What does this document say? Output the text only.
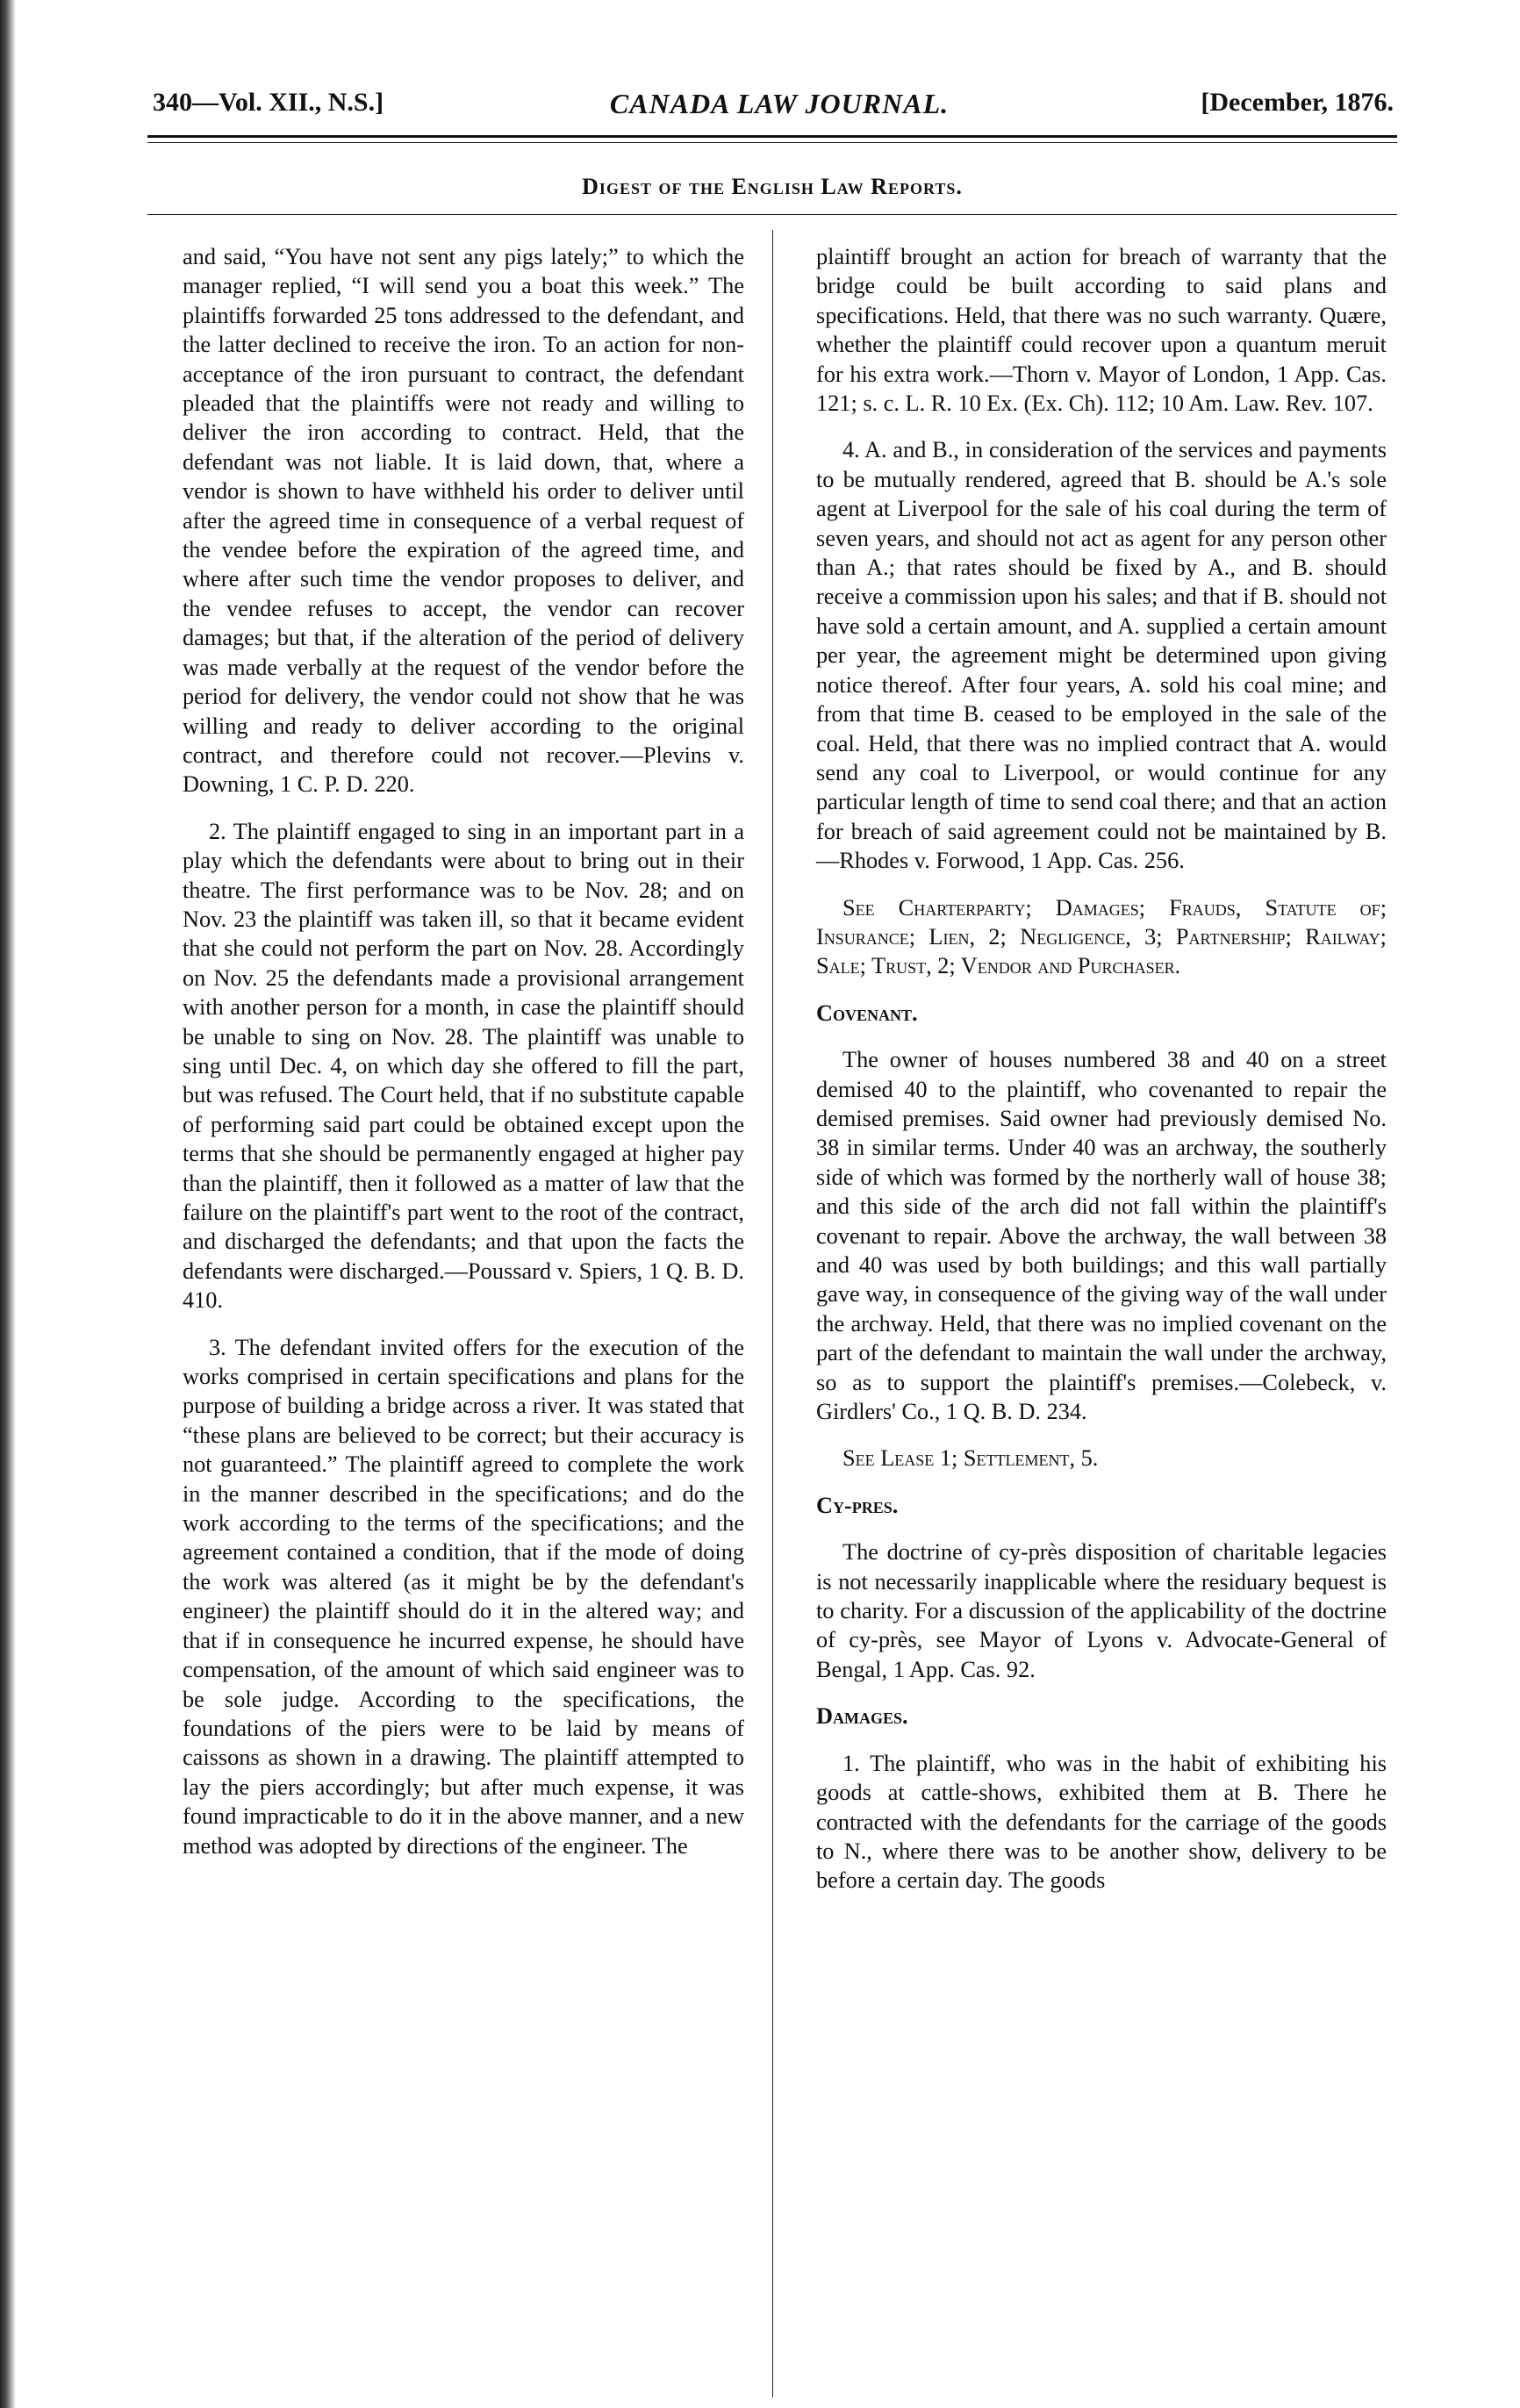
340—Vol. XII., N.S.]	CANADA LAW JOURNAL.	[December, 1876.
Digest of the English Law Reports.

and said, “You have not sent any pigs lately;” to which the manager replied, “I will send you a boat this week.” The plaintiffs forwarded 25 tons addressed to the defendant, and the latter declined to receive the iron. To an action for non-acceptance of the iron pursuant to contract, the defendant pleaded that the plaintiffs were not ready and willing to deliver the iron according to contract. Held, that the defendant was not liable. It is laid down, that, where a vendor is shown to have withheld his order to deliver until after the agreed time in consequence of a verbal request of the vendee before the expiration of the agreed time, and where after such time the vendor proposes to deliver, and the vendee refuses to accept, the vendor can recover damages; but that, if the alteration of the period of delivery was made verbally at the request of the vendor before the period for delivery, the vendor could not show that he was willing and ready to deliver according to the original contract, and therefore could not recover.—Plevins v. Downing, 1 C. P. D. 220.

2. The plaintiff engaged to sing in an important part in a play which the defendants were about to bring out in their theatre. The first performance was to be Nov. 28; and on Nov. 23 the plaintiff was taken ill, so that it became evident that she could not perform the part on Nov. 28. Accordingly on Nov. 25 the defendants made a provisional arrangement with another person for a month, in case the plaintiff should be unable to sing on Nov. 28. The plaintiff was unable to sing until Dec. 4, on which day she offered to fill the part, but was refused. The Court held, that if no substitute capable of performing said part could be obtained except upon the terms that she should be permanently engaged at higher pay than the plaintiff, then it followed as a matter of law that the failure on the plaintiff's part went to the root of the contract, and discharged the defendants; and that upon the facts the defendants were discharged.—Poussard v. Spiers, 1 Q. B. D. 410.

3. The defendant invited offers for the execution of the works comprised in certain specifications and plans for the purpose of building a bridge across a river. It was stated that “these plans are believed to be correct; but their accuracy is not guaranteed.” The plaintiff agreed to complete the work in the manner described in the specifications; and do the work according to the terms of the specifications; and the agreement contained a condition, that if the mode of doing the work was altered (as it might be by the defendant's engineer) the plaintiff should do it in the altered way; and that if in consequence he incurred expense, he should have compensation, of the amount of which said engineer was to be sole judge. According to the specifications, the foundations of the piers were to be laid by means of caissons as shown in a drawing. The plaintiff attempted to lay the piers accordingly; but after much expense, it was found impracticable to do it in the above manner, and a new method was adopted by directions of the engineer. The

plaintiff brought an action for breach of warranty that the bridge could be built according to said plans and specifications. Held, that there was no such warranty. Quære, whether the plaintiff could recover upon a quantum meruit for his extra work.—Thorn v. Mayor of London, 1 App. Cas. 121; s. c. L. R. 10 Ex. (Ex. Ch). 112; 10 Am. Law. Rev. 107.

4. A. and B., in consideration of the services and payments to be mutually rendered, agreed that B. should be A.'s sole agent at Liverpool for the sale of his coal during the term of seven years, and should not act as agent for any person other than A.; that rates should be fixed by A., and B. should receive a commission upon his sales; and that if B. should not have sold a certain amount, and A. supplied a certain amount per year, the agreement might be determined upon giving notice thereof. After four years, A. sold his coal mine; and from that time B. ceased to be employed in the sale of the coal. Held, that there was no implied contract that A. would send any coal to Liverpool, or would continue for any particular length of time to send coal there; and that an action for breach of said agreement could not be maintained by B.—Rhodes v. Forwood, 1 App. Cas. 256.

See Charterparty; Damages; Frauds, Statute of; Insurance; Lien, 2; Negligence, 3; Partnership; Railway; Sale; Trust, 2; Vendor and Purchaser.

Covenant.

The owner of houses numbered 38 and 40 on a street demised 40 to the plaintiff, who covenanted to repair the demised premises. Said owner had previously demised No. 38 in similar terms. Under 40 was an archway, the southerly side of which was formed by the northerly wall of house 38; and this side of the arch did not fall within the plaintiff's covenant to repair. Above the archway, the wall between 38 and 40 was used by both buildings; and this wall partially gave way, in consequence of the giving way of the wall under the archway. Held, that there was no implied covenant on the part of the defendant to maintain the wall under the archway, so as to support the plaintiff's premises.—Colebeck, v. Girdlers' Co., 1 Q. B. D. 234.

See Lease 1; Settlement, 5.

Cy-pres.

The doctrine of cy-près disposition of charitable legacies is not necessarily inapplicable where the residuary bequest is to charity. For a discussion of the applicability of the doctrine of cy-près, see Mayor of Lyons v. Advocate-General of Bengal, 1 App. Cas. 92.

Damages.

1. The plaintiff, who was in the habit of exhibiting his goods at cattle-shows, exhibited them at B. There he contracted with the defendants for the carriage of the goods to N., where there was to be another show, delivery to be before a certain day. The goods
